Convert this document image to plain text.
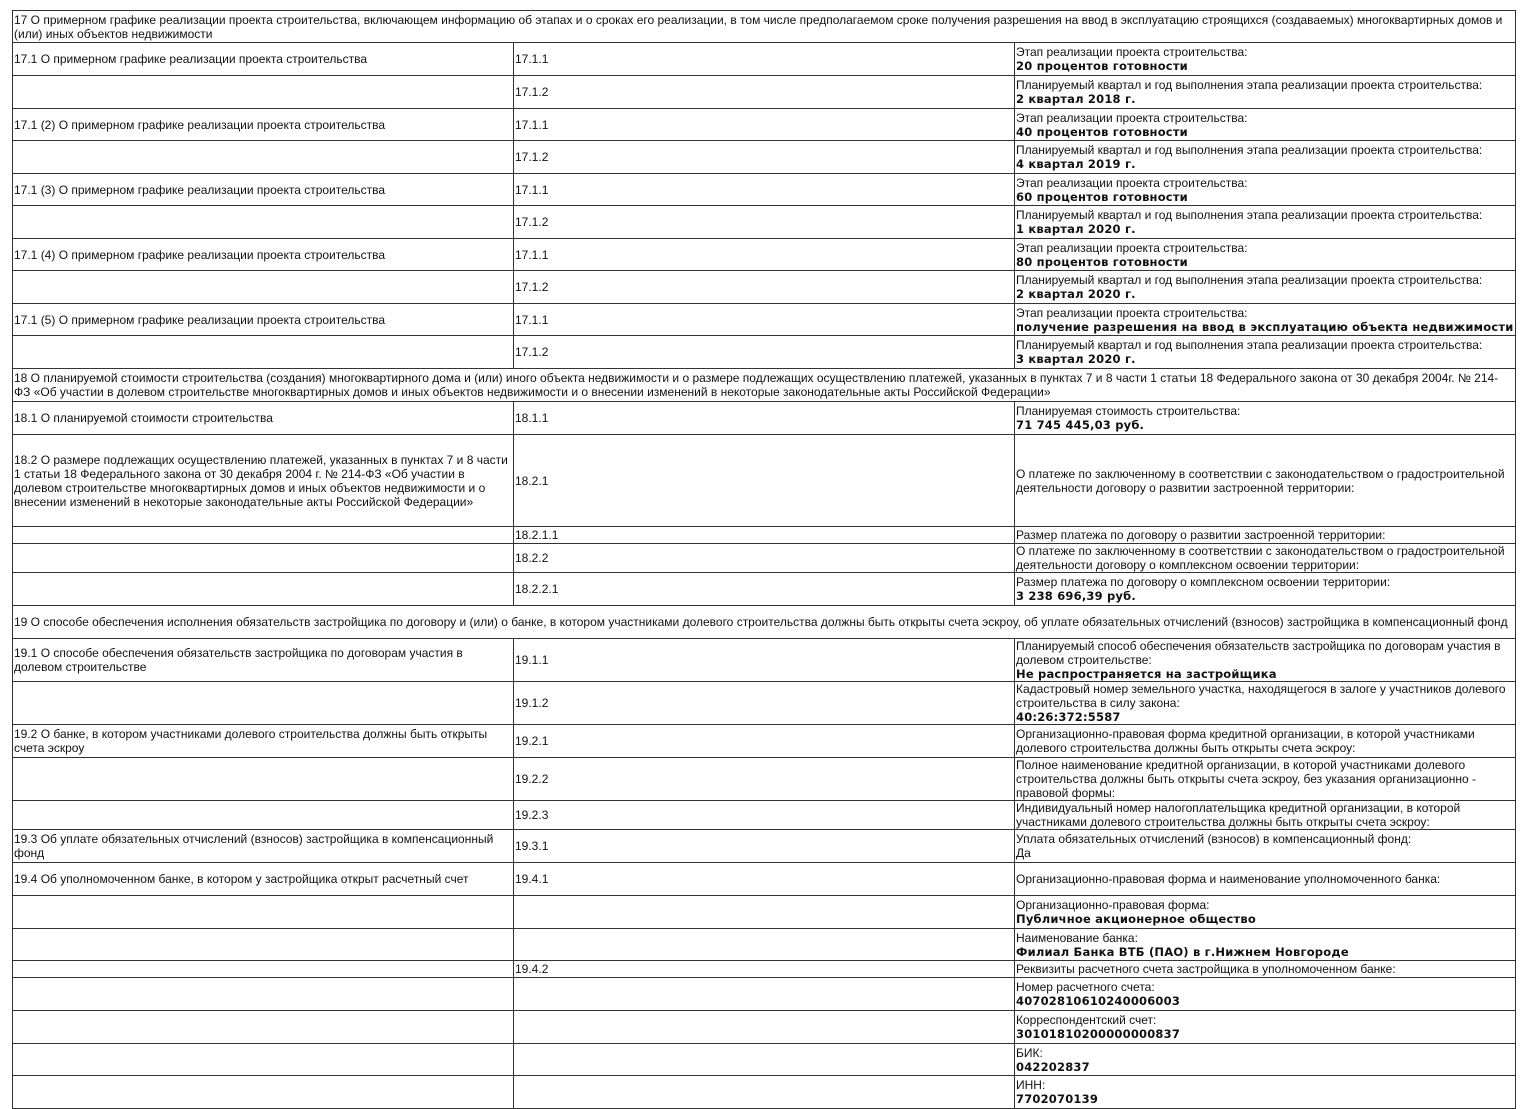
17 О примерном графике реализации проекта строительства, включающем информацию об этапах и о сроках его реализации, в том числе предполагаемом сроке получения разрешения на ввод в эксплуатацию строящихся (создаваемых) многоквартирных домов и (или) иных объектов недвижимости		
17.1 О примерном графике реализации проекта строительства	17.1.1	Этап реализации проекта строительства:
20 процентов готовности

	17.1.2	Планируемый квартал и год выполнения этапа реализации проекта строительства:
2 квартал 2018 г.

17.1 (2) О примерном графике реализации проекта строительства	17.1.1	Этап реализации проекта строительства:
40 процентов готовности

	17.1.2	Планируемый квартал и год выполнения этапа реализации проекта строительства:
4 квартал 2019 г.

17.1 (3) О примерном графике реализации проекта строительства	17.1.1	Этап реализации проекта строительства:
60 процентов готовности

	17.1.2	Планируемый квартал и год выполнения этапа реализации проекта строительства:
1 квартал 2020 г.

17.1 (4) О примерном графике реализации проекта строительства	17.1.1	Этап реализации проекта строительства:
80 процентов готовности

	17.1.2	Планируемый квартал и год выполнения этапа реализации проекта строительства:
2 квартал 2020 г.

17.1 (5) О примерном графике реализации проекта строительства	17.1.1	Этап реализации проекта строительства:
получение разрешения на ввод в эксплуатацию объекта недвижимости

	17.1.2	Планируемый квартал и год выполнения этапа реализации проекта строительства:
3 квартал 2020 г.

18 О планируемой стоимости строительства (создания) многоквартирного дома и (или) иного объекта недвижимости и о размере подлежащих осуществлению платежей, указанных в пунктах 7 и 8 части 1 статьи 18 Федерального закона от 30 декабря 2004г. № 214-ФЗ «Об участии в долевом строительстве многоквартирных домов и иных объектов недвижимости и о внесении изменений в некоторые законодательные акты Российской Федерации»		
18.1 О планируемой стоимости строительства	18.1.1	Планируемая стоимость строительства:
71 745 445,03 руб.

18.2 О размере подлежащих осуществлению платежей, указанных в пунктах 7 и 8 части 1 статьи 18 Федерального закона от 30 декабря 2004 г. № 214-ФЗ «Об участии в долевом строительстве многоквартирных домов и иных объектов недвижимости и о внесении изменений в некоторые законодательные акты Российской Федерации»	18.2.1	О платеже по заключенному в соответствии с законодательством о градостроительной деятельности договору о развитии застроенной территории:

	18.2.1.1	Размер платежа по договору о развитии застроенной территории:

	18.2.2	О платеже по заключенному в соответствии с законодательством о градостроительной деятельности договору о комплексном освоении территории:

	18.2.2.1	Размер платежа по договору о комплексном освоении территории:
3 238 696,39 руб.

19 О способе обеспечения исполнения обязательств застройщика по договору и (или) о банке, в котором участниками долевого строительства должны быть открыты счета эскроу, об уплате обязательных отчислений (взносов) застройщика в компенсационный фонд		
19.1 О способе обеспечения обязательств застройщика по договорам участия в долевом строительстве	19.1.1	Планируемый способ обеспечения обязательств застройщика по договорам участия в долевом строительстве:
Не распространяется на застройщика

	19.1.2	Кадастровый номер земельного участка, находящегося в залоге у участников долевого строительства в силу закона:
40:26:372:5587

19.2 О банке, в котором участниками долевого строительства должны быть открыты счета эскроу	19.2.1	Организационно-правовая форма кредитной организации, в которой участниками долевого строительства должны быть открыты счета эскроу:

	19.2.2	Полное наименование кредитной организации, в которой участниками долевого строительства должны быть открыты счета эскроу, без указания организационно - правовой формы:

	19.2.3	Индивидуальный номер налогоплательщика кредитной организации, в которой участниками долевого строительства должны быть открыты счета эскроу:

19.3 Об уплате обязательных отчислений (взносов) застройщика в компенсационный фонд	19.3.1	Уплата обязательных отчислений (взносов) в компенсационный фонд:
Да

19.4 Об уполномоченном банке, в котором у застройщика открыт расчетный счет	19.4.1	Организационно-правовая форма и наименование уполномоченного банка:

		Организационно-правовая форма:
Публичное акционерное общество

		Наименование банка:
Филиал Банка ВТБ (ПАО) в г.Нижнем Новгороде

	19.4.2	Реквизиты расчетного счета застройщика в уполномоченном банке:

		Номер расчетного счета:
40702810610240006003

		Корреспондентский счет:
30101810200000000837

		БИК:
042202837

		ИНН:
7702070139
